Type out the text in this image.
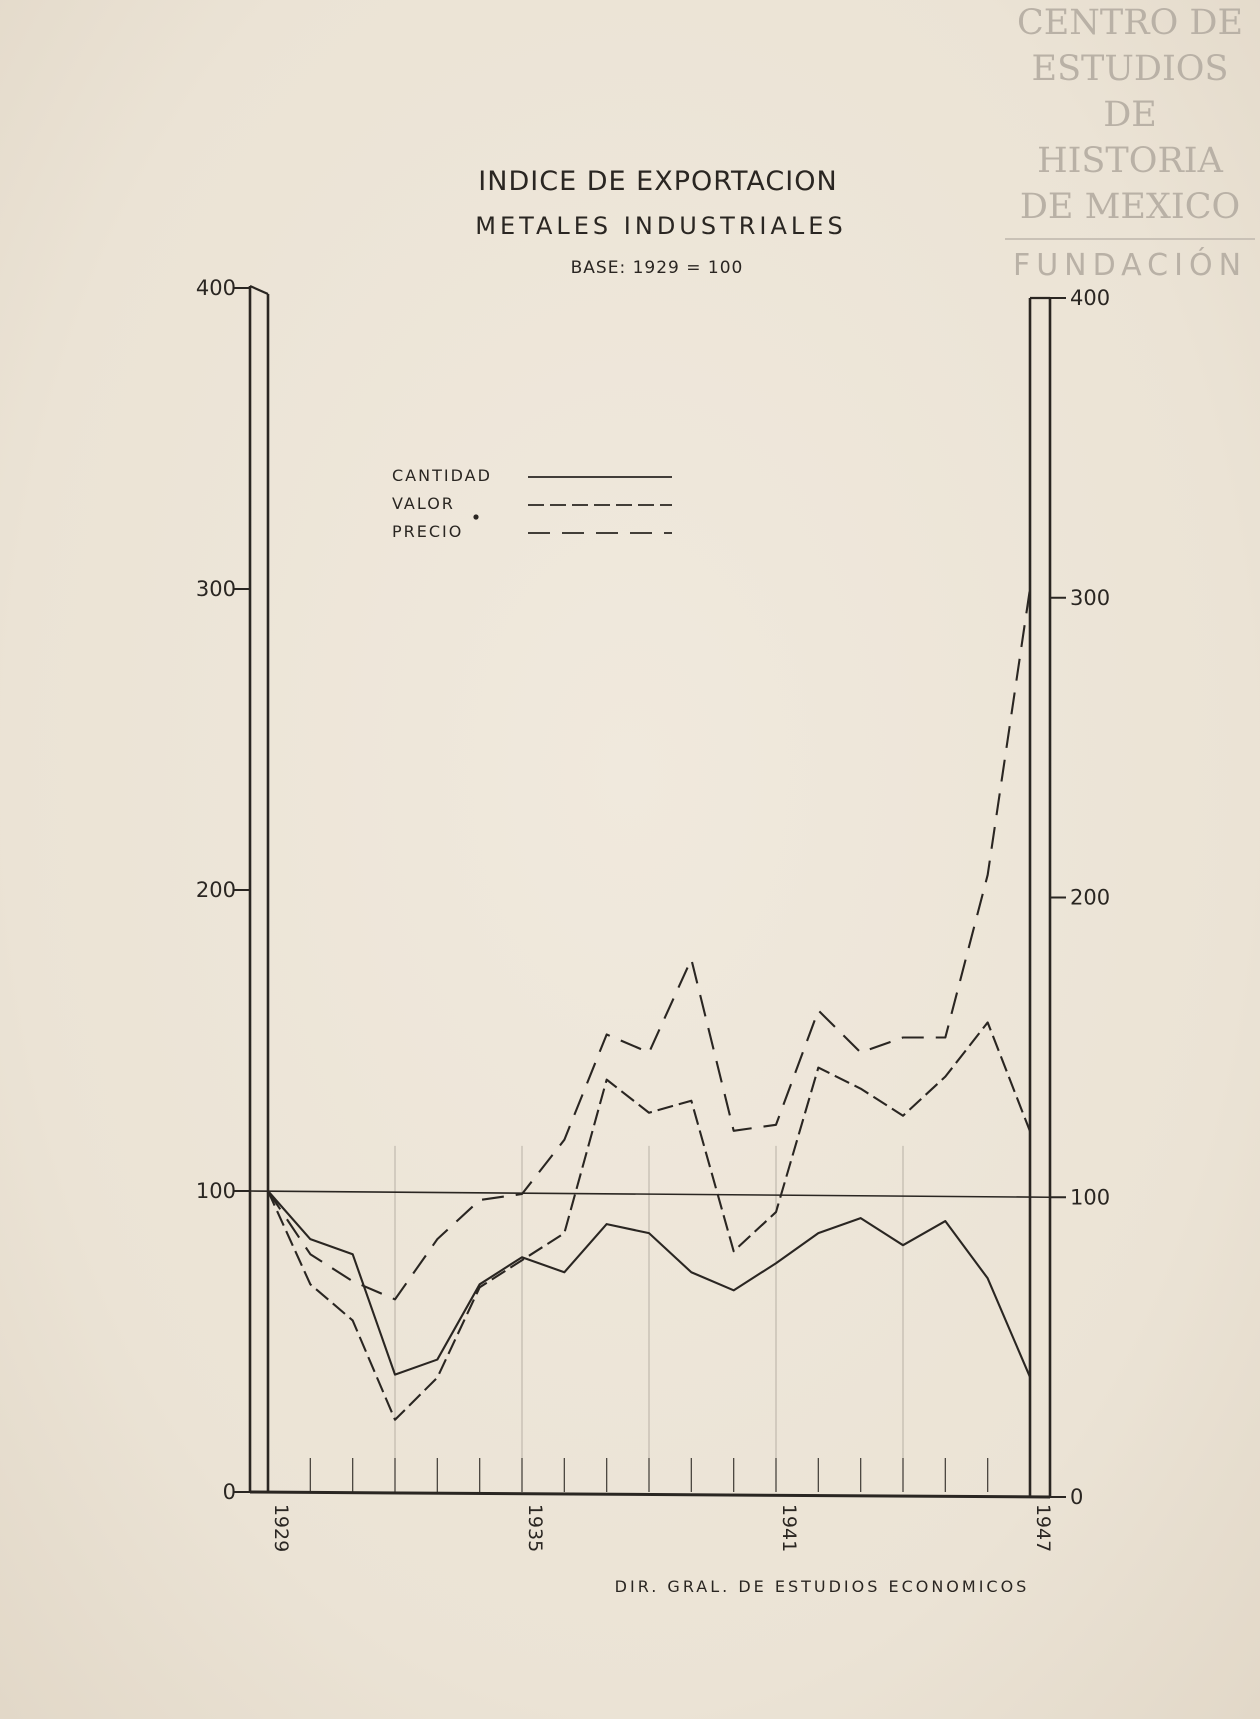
INDICE DE EXPORTACION
METALES INDUSTRIALES
BASE: 1929 = 100
0
100
200
300
400
0
100
200
300
400
1929	1935	1941	1947
CANTIDAD
VALOR
PRECIO
DIR. GRAL. DE ESTUDIOS ECONOMICOS
CENTRO DE
ESTUDIOS
DE HISTORIA
DE MEXICO
FUNDACIÓN
